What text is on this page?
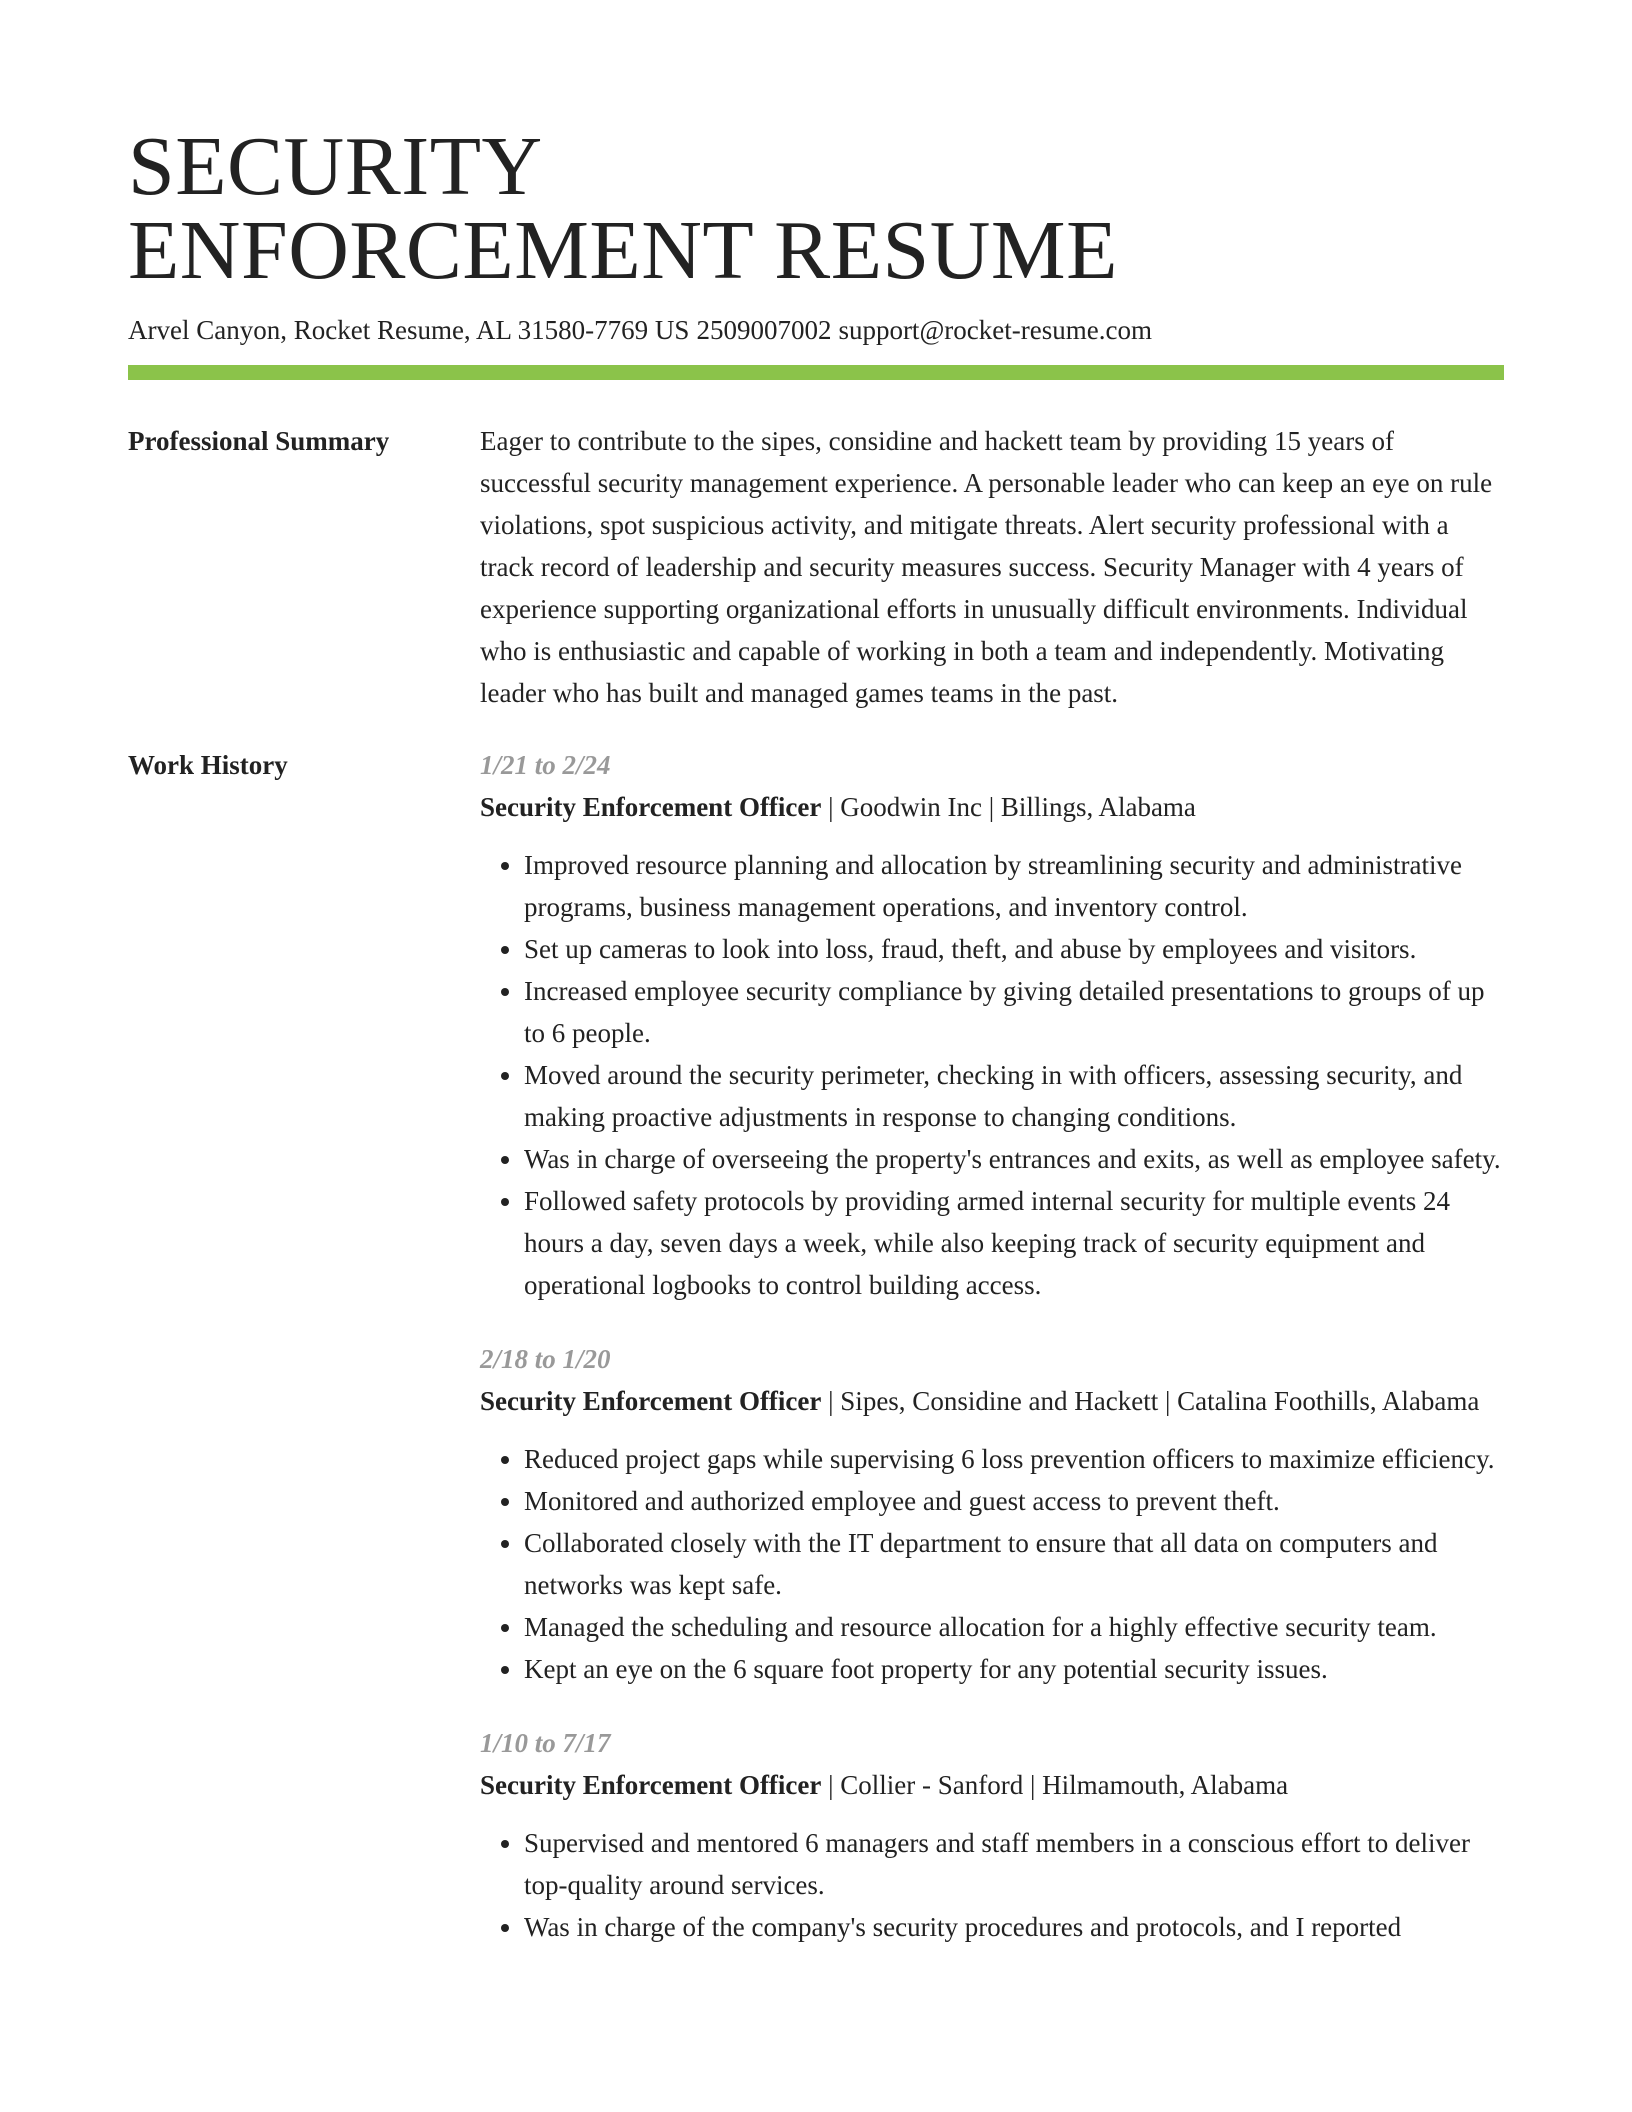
SECURITY
ENFORCEMENT RESUME
Arvel Canyon, Rocket Resume, AL 31580-7769 US 2509007002 support@rocket-resume.com
Professional Summary	Eager to contribute to the sipes, considine and hackett team by providing 15 years of successful security management experience. A personable leader who can keep an eye on rule violations, spot suspicious activity, and mitigate threats. Alert security professional with a track record of leadership and security measures success. Security Manager with 4 years of experience supporting organizational efforts in unusually difficult environments. Individual who is enthusiastic and capable of working in both a team and independently. Motivating leader who has built and managed games teams in the past.

Work History	1/21 to 2/24
Security Enforcement Officer | Goodwin Inc | Billings, Alabama
• Improved resource planning and allocation by streamlining security and administrative programs, business management operations, and inventory control.
• Set up cameras to look into loss, fraud, theft, and abuse by employees and visitors.
• Increased employee security compliance by giving detailed presentations to groups of up to 6 people.
• Moved around the security perimeter, checking in with officers, assessing security, and making proactive adjustments in response to changing conditions.
• Was in charge of overseeing the property's entrances and exits, as well as employee safety.
• Followed safety protocols by providing armed internal security for multiple events 24 hours a day, seven days a week, while also keeping track of security equipment and operational logbooks to control building access.
2/18 to 1/20
Security Enforcement Officer | Sipes, Considine and Hackett | Catalina Foothills, Alabama
• Reduced project gaps while supervising 6 loss prevention officers to maximize efficiency.
• Monitored and authorized employee and guest access to prevent theft.
• Collaborated closely with the IT department to ensure that all data on computers and networks was kept safe.
• Managed the scheduling and resource allocation for a highly effective security team.
• Kept an eye on the 6 square foot property for any potential security issues.
1/10 to 7/17
Security Enforcement Officer | Collier - Sanford | Hilmamouth, Alabama
• Supervised and mentored 6 managers and staff members in a conscious effort to deliver top-quality around services.
• Was in charge of the company's security procedures and protocols, and I reported
